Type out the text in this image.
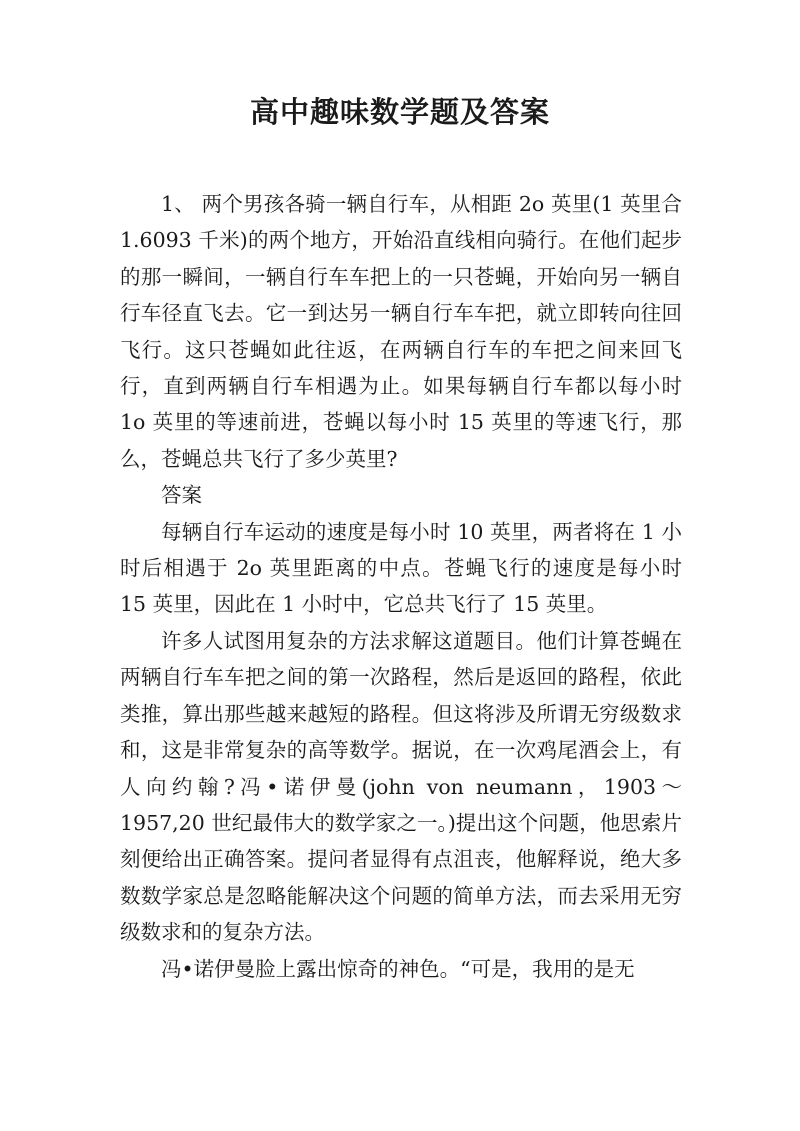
高中趣味数学题及答案

1、 两个男孩各骑一辆自行车，从相距 2o 英里(1 英里合 1.6093 千米)的两个地方，开始沿直线相向骑行。在他们起步的那一瞬间，一辆自行车车把上的一只苍蝇，开始向另一辆自行车径直飞去。它一到达另一辆自行车车把，就立即转向往回飞行。这只苍蝇如此往返，在两辆自行车的车把之间来回飞行，直到两辆自行车相遇为止。如果每辆自行车都以每小时 1o 英里的等速前进，苍蝇以每小时 15 英里的等速飞行，那么，苍蝇总共飞行了多少英里?

答案

每辆自行车运动的速度是每小时 10 英里，两者将在 1 小时后相遇于 2o 英里距离的中点。苍蝇飞行的速度是每小时 15 英里，因此在 1 小时中，它总共飞行了 15 英里。

许多人试图用复杂的方法求解这道题目。他们计算苍蝇在两辆自行车车把之间的第一次路程，然后是返回的路程，依此类推，算出那些越来越短的路程。但这将涉及所谓无穷级数求和，这是非常复杂的高等数学。据说，在一次鸡尾酒会上，有人向约翰?冯•诺伊曼(john von neumann，1903～1957,20 世纪最伟大的数学家之一。)提出这个问题，他思索片刻便给出正确答案。提问者显得有点沮丧，他解释说，绝大多数数学家总是忽略能解决这个问题的简单方法，而去采用无穷级数求和的复杂方法。

冯•诺伊曼脸上露出惊奇的神色。“可是，我用的是无
